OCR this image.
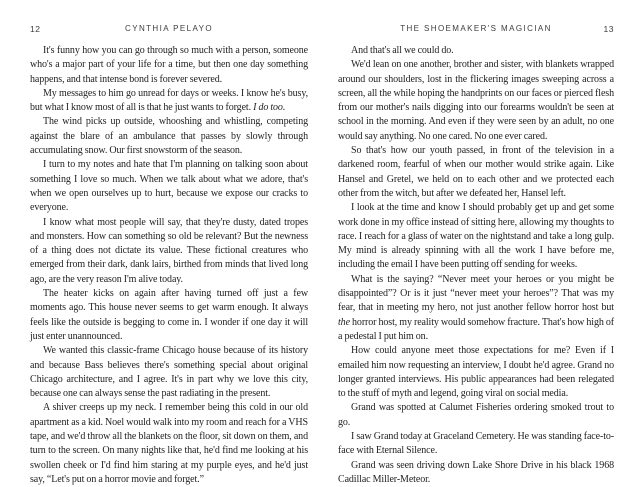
12	CYNTHIA PELAYO

It's funny how you can go through so much with a person, someone who's a major part of your life for a time, but then one day something happens, and that intense bond is forever severed.

My messages to him go unread for days or weeks. I know he's busy, but what I know most of all is that he just wants to forget. I do too.

The wind picks up outside, whooshing and whistling, competing against the blare of an ambulance that passes by slowly through accumulating snow. Our first snowstorm of the season.

I turn to my notes and hate that I'm planning on talking soon about something I love so much. When we talk about what we adore, that's when we open ourselves up to hurt, because we expose our cracks to everyone.

I know what most people will say, that they're dusty, dated tropes and monsters. How can something so old be relevant? But the newness of a thing does not dictate its value. These fictional creatures who emerged from their dark, dank lairs, birthed from minds that lived long ago, are the very reason I'm alive today.

The heater kicks on again after having turned off just a few moments ago. This house never seems to get warm enough. It always feels like the outside is begging to come in. I wonder if one day it will just enter unannounced.

We wanted this classic-frame Chicago house because of its history and because Bass believes there's something special about original Chicago architecture, and I agree. It's in part why we love this city, because one can always sense the past radiating in the present.

A shiver creeps up my neck. I remember being this cold in our old apartment as a kid. Noel would walk into my room and reach for a VHS tape, and we'd throw all the blankets on the floor, sit down on them, and turn to the screen. On many nights like that, he'd find me looking at his swollen cheek or I'd find him staring at my purple eyes, and he'd just say, “Let's put on a horror movie and forget.”

THE SHOEMAKER'S MAGICIAN	13

And that's all we could do.

We'd lean on one another, brother and sister, with blankets wrapped around our shoulders, lost in the flickering images sweeping across a screen, all the while hoping the handprints on our faces or pierced flesh from our mother's nails digging into our forearms wouldn't be seen at school in the morning. And even if they were seen by an adult, no one would say anything. No one cared. No one ever cared.

So that's how our youth passed, in front of the television in a darkened room, fearful of when our mother would strike again. Like Hansel and Gretel, we held on to each other and we protected each other from the witch, but after we defeated her, Hansel left.

I look at the time and know I should probably get up and get some work done in my office instead of sitting here, allowing my thoughts to race. I reach for a glass of water on the nightstand and take a long gulp. My mind is already spinning with all the work I have before me, including the email I have been putting off sending for weeks.

What is the saying? “Never meet your heroes or you might be disappointed”? Or is it just “never meet your heroes”? That was my fear, that in meeting my hero, not just another fellow horror host but the horror host, my reality would somehow fracture. That's how high of a pedestal I put him on.

How could anyone meet those expectations for me? Even if I emailed him now requesting an interview, I doubt he'd agree. Grand no longer granted interviews. His public appearances had been relegated to the stuff of myth and legend, going viral on social media.

Grand was spotted at Calumet Fisheries ordering smoked trout to go.

I saw Grand today at Graceland Cemetery. He was standing face-to-face with Eternal Silence.

Grand was seen driving down Lake Shore Drive in his black 1968 Cadillac Miller-Meteor.
